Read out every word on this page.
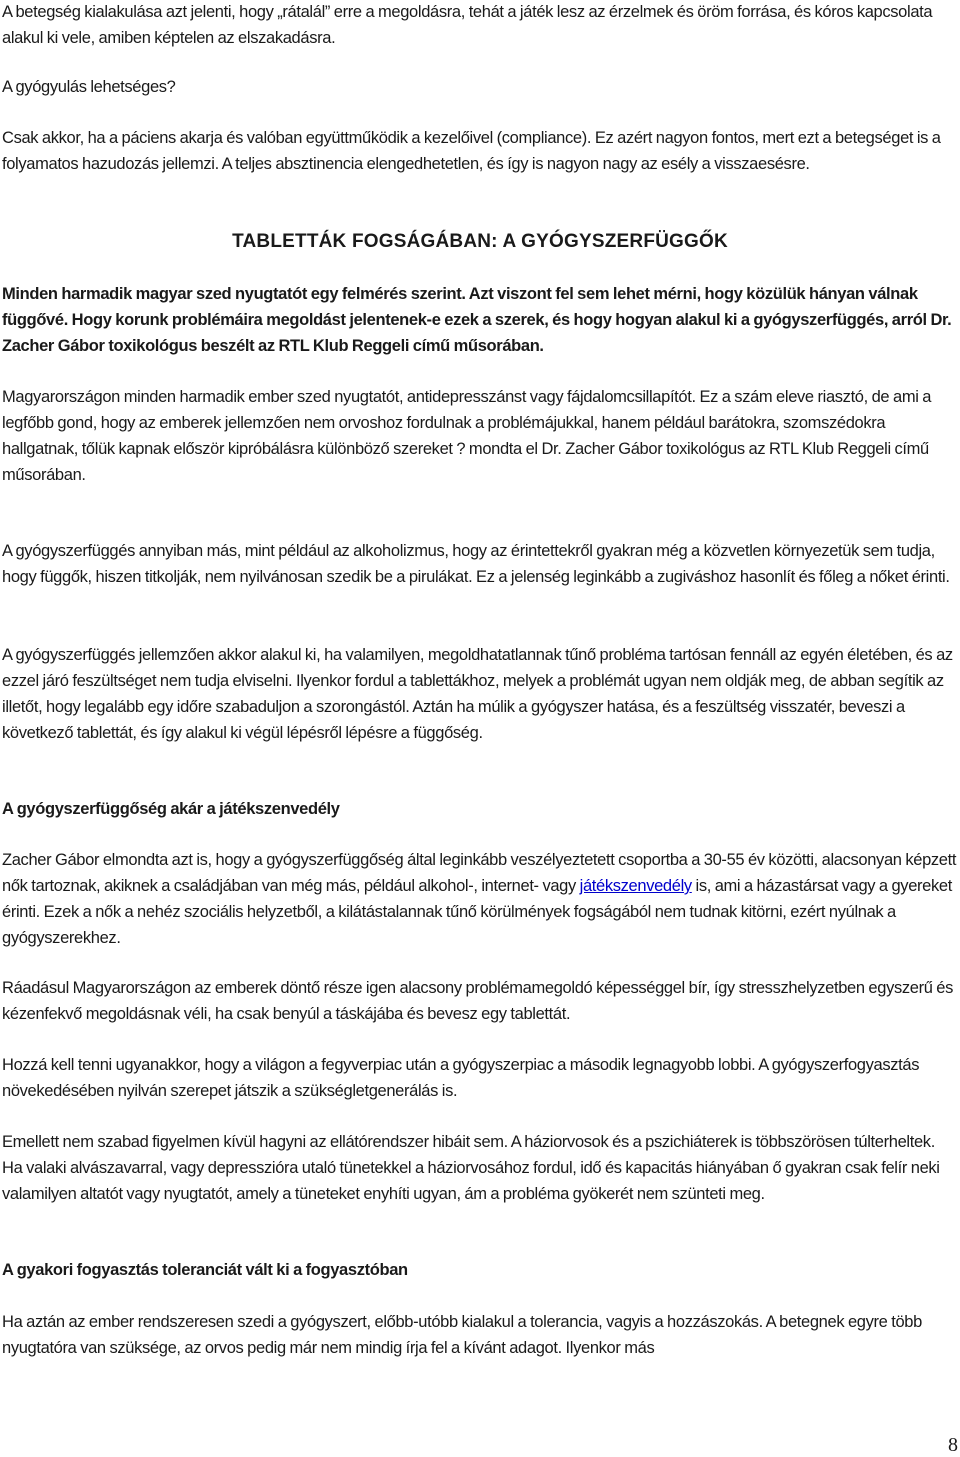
A betegség kialakulása azt jelenti, hogy „rátalál” erre a megoldásra, tehát a játék lesz az érzelmek és öröm forrása, és kóros kapcsolata alakul ki vele, amiben képtelen az elszakadásra.

A gyógyulás lehetséges?

Csak akkor, ha a páciens akarja és valóban együttműködik a kezelőivel (compliance). Ez azért nagyon fontos, mert ezt a betegséget is a folyamatos hazudozás jellemzi. A teljes absztinencia elengedhetetlen, és így is nagyon nagy az esély a visszaesésre.

TABLETTÁK FOGSÁGÁBAN: A GYÓGYSZERFÜGGŐK

Minden harmadik magyar szed nyugtatót egy felmérés szerint. Azt viszont fel sem lehet mérni, hogy közülük hányan válnak függővé. Hogy korunk problémáira megoldást jelentenek-e ezek a szerek, és hogy hogyan alakul ki a gyógyszerfüggés, arról Dr. Zacher Gábor toxikológus beszélt az RTL Klub Reggeli című műsorában.

Magyarországon minden harmadik ember szed nyugtatót, antidepresszánst vagy fájdalomcsillapítót. Ez a szám eleve riasztó, de ami a legfőbb gond, hogy az emberek jellemzően nem orvoshoz fordulnak a problémájukkal, hanem például barátokra, szomszédokra hallgatnak, tőlük kapnak először kipróbálásra különböző szereket ? mondta el Dr. Zacher Gábor toxikológus az RTL Klub Reggeli című műsorában.

A gyógyszerfüggés annyiban más, mint például az alkoholizmus, hogy az érintettekről gyakran még a közvetlen környezetük sem tudja, hogy függők, hiszen titkolják, nem nyilvánosan szedik be a pirulákat. Ez a jelenség leginkább a zugiváshoz hasonlít és főleg a nőket érinti.

A gyógyszerfüggés jellemzően akkor alakul ki, ha valamilyen, megoldhatatlannak tűnő probléma tartósan fennáll az egyén életében, és az ezzel járó feszültséget nem tudja elviselni. Ilyenkor fordul a tablettákhoz, melyek a problémát ugyan nem oldják meg, de abban segítik az illetőt, hogy legalább egy időre szabaduljon a szorongástól. Aztán ha múlik a gyógyszer hatása, és a feszültség visszatér, beveszi a következő tablettát, és így alakul ki végül lépésről lépésre a függőség.

A gyógyszerfüggőség akár a játékszenvedély

Zacher Gábor elmondta azt is, hogy a gyógyszerfüggőség által leginkább veszélyeztetett csoportba a 30-55 év közötti, alacsonyan képzett nők tartoznak, akiknek a családjában van még más, például alkohol-, internet- vagy játékszenvedély is, ami a házastársat vagy a gyereket érinti. Ezek a nők a nehéz szociális helyzetből, a kilátástalannak tűnő körülmények fogságából nem tudnak kitörni, ezért nyúlnak a gyógyszerekhez.

Ráadásul Magyarországon az emberek döntő része igen alacsony problémamegoldó képességgel bír, így stresszhelyzetben egyszerű és kézenfekvő megoldásnak véli, ha csak benyúl a táskájába és bevesz egy tablettát.

Hozzá kell tenni ugyanakkor, hogy a világon a fegyverpiac után a gyógyszerpiac a második legnagyobb lobbi. A gyógyszerfogyasztás növekedésében nyilván szerepet játszik a szükségletgenerálás is.

Emellett nem szabad figyelmen kívül hagyni az ellátórendszer hibáit sem. A háziorvosok és a pszichiáterek is többszörösen túlterheltek. Ha valaki alvászavarral, vagy depresszióra utaló tünetekkel a háziorvosához fordul, idő és kapacitás hiányában ő gyakran csak felír neki valamilyen altatót vagy nyugtatót, amely a tüneteket enyhíti ugyan, ám a probléma gyökerét nem szünteti meg.

A gyakori fogyasztás toleranciát vált ki a fogyasztóban

Ha aztán az ember rendszeresen szedi a gyógyszert, előbb-utóbb kialakul a tolerancia, vagyis a hozzászokás. A betegnek egyre több nyugtatóra van szüksége, az orvos pedig már nem mindig írja fel a kívánt adagot. Ilyenkor más

8
